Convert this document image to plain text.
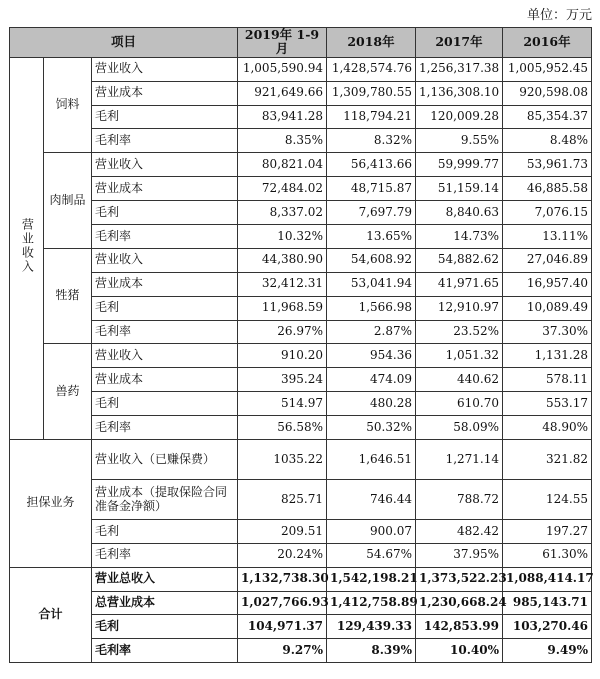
单位：万元
项目			2019年 1-9月	2018年	2017年	2016年
营业收入	饲料	营业收入	1,005,590.94	1,428,574.76	1,256,317.38	1,005,952.45
		营业成本	921,649.66	1,309,780.55	1,136,308.10	920,598.08
		毛利	83,941.28	118,794.21	120,009.28	85,354.37
		毛利率	8.35%	8.32%	9.55%	8.48%
	肉制品	营业收入	80,821.04	56,413.66	59,999.77	53,961.73
		营业成本	72,484.02	48,715.87	51,159.14	46,885.58
		毛利	8,337.02	7,697.79	8,840.63	7,076.15
		毛利率	10.32%	13.65%	14.73%	13.11%
	牲猪	营业收入	44,380.90	54,608.92	54,882.62	27,046.89
		营业成本	32,412.31	53,041.94	41,971.65	16,957.40
		毛利	11,968.59	1,566.98	12,910.97	10,089.49
		毛利率	26.97%	2.87%	23.52%	37.30%
	兽药	营业收入	910.20	954.36	1,051.32	1,131.28
		营业成本	395.24	474.09	440.62	578.11
		毛利	514.97	480.28	610.70	553.17
		毛利率	56.58%	50.32%	58.09%	48.90%
担保业务		营业收入（已赚保费）	1035.22	1,646.51	1,271.14	321.82
		营业成本（提取保险合同准备金净额）	825.71	746.44	788.72	124.55
		毛利	209.51	900.07	482.42	197.27
		毛利率	20.24%	54.67%	37.95%	61.30%
合计		营业总收入	1,132,738.30	1,542,198.21	1,373,522.23	1,088,414.17
		总营业成本	1,027,766.93	1,412,758.89	1,230,668.24	985,143.71
		毛利	104,971.37	129,439.33	142,853.99	103,270.46
		毛利率	9.27%	8.39%	10.40%	9.49%
